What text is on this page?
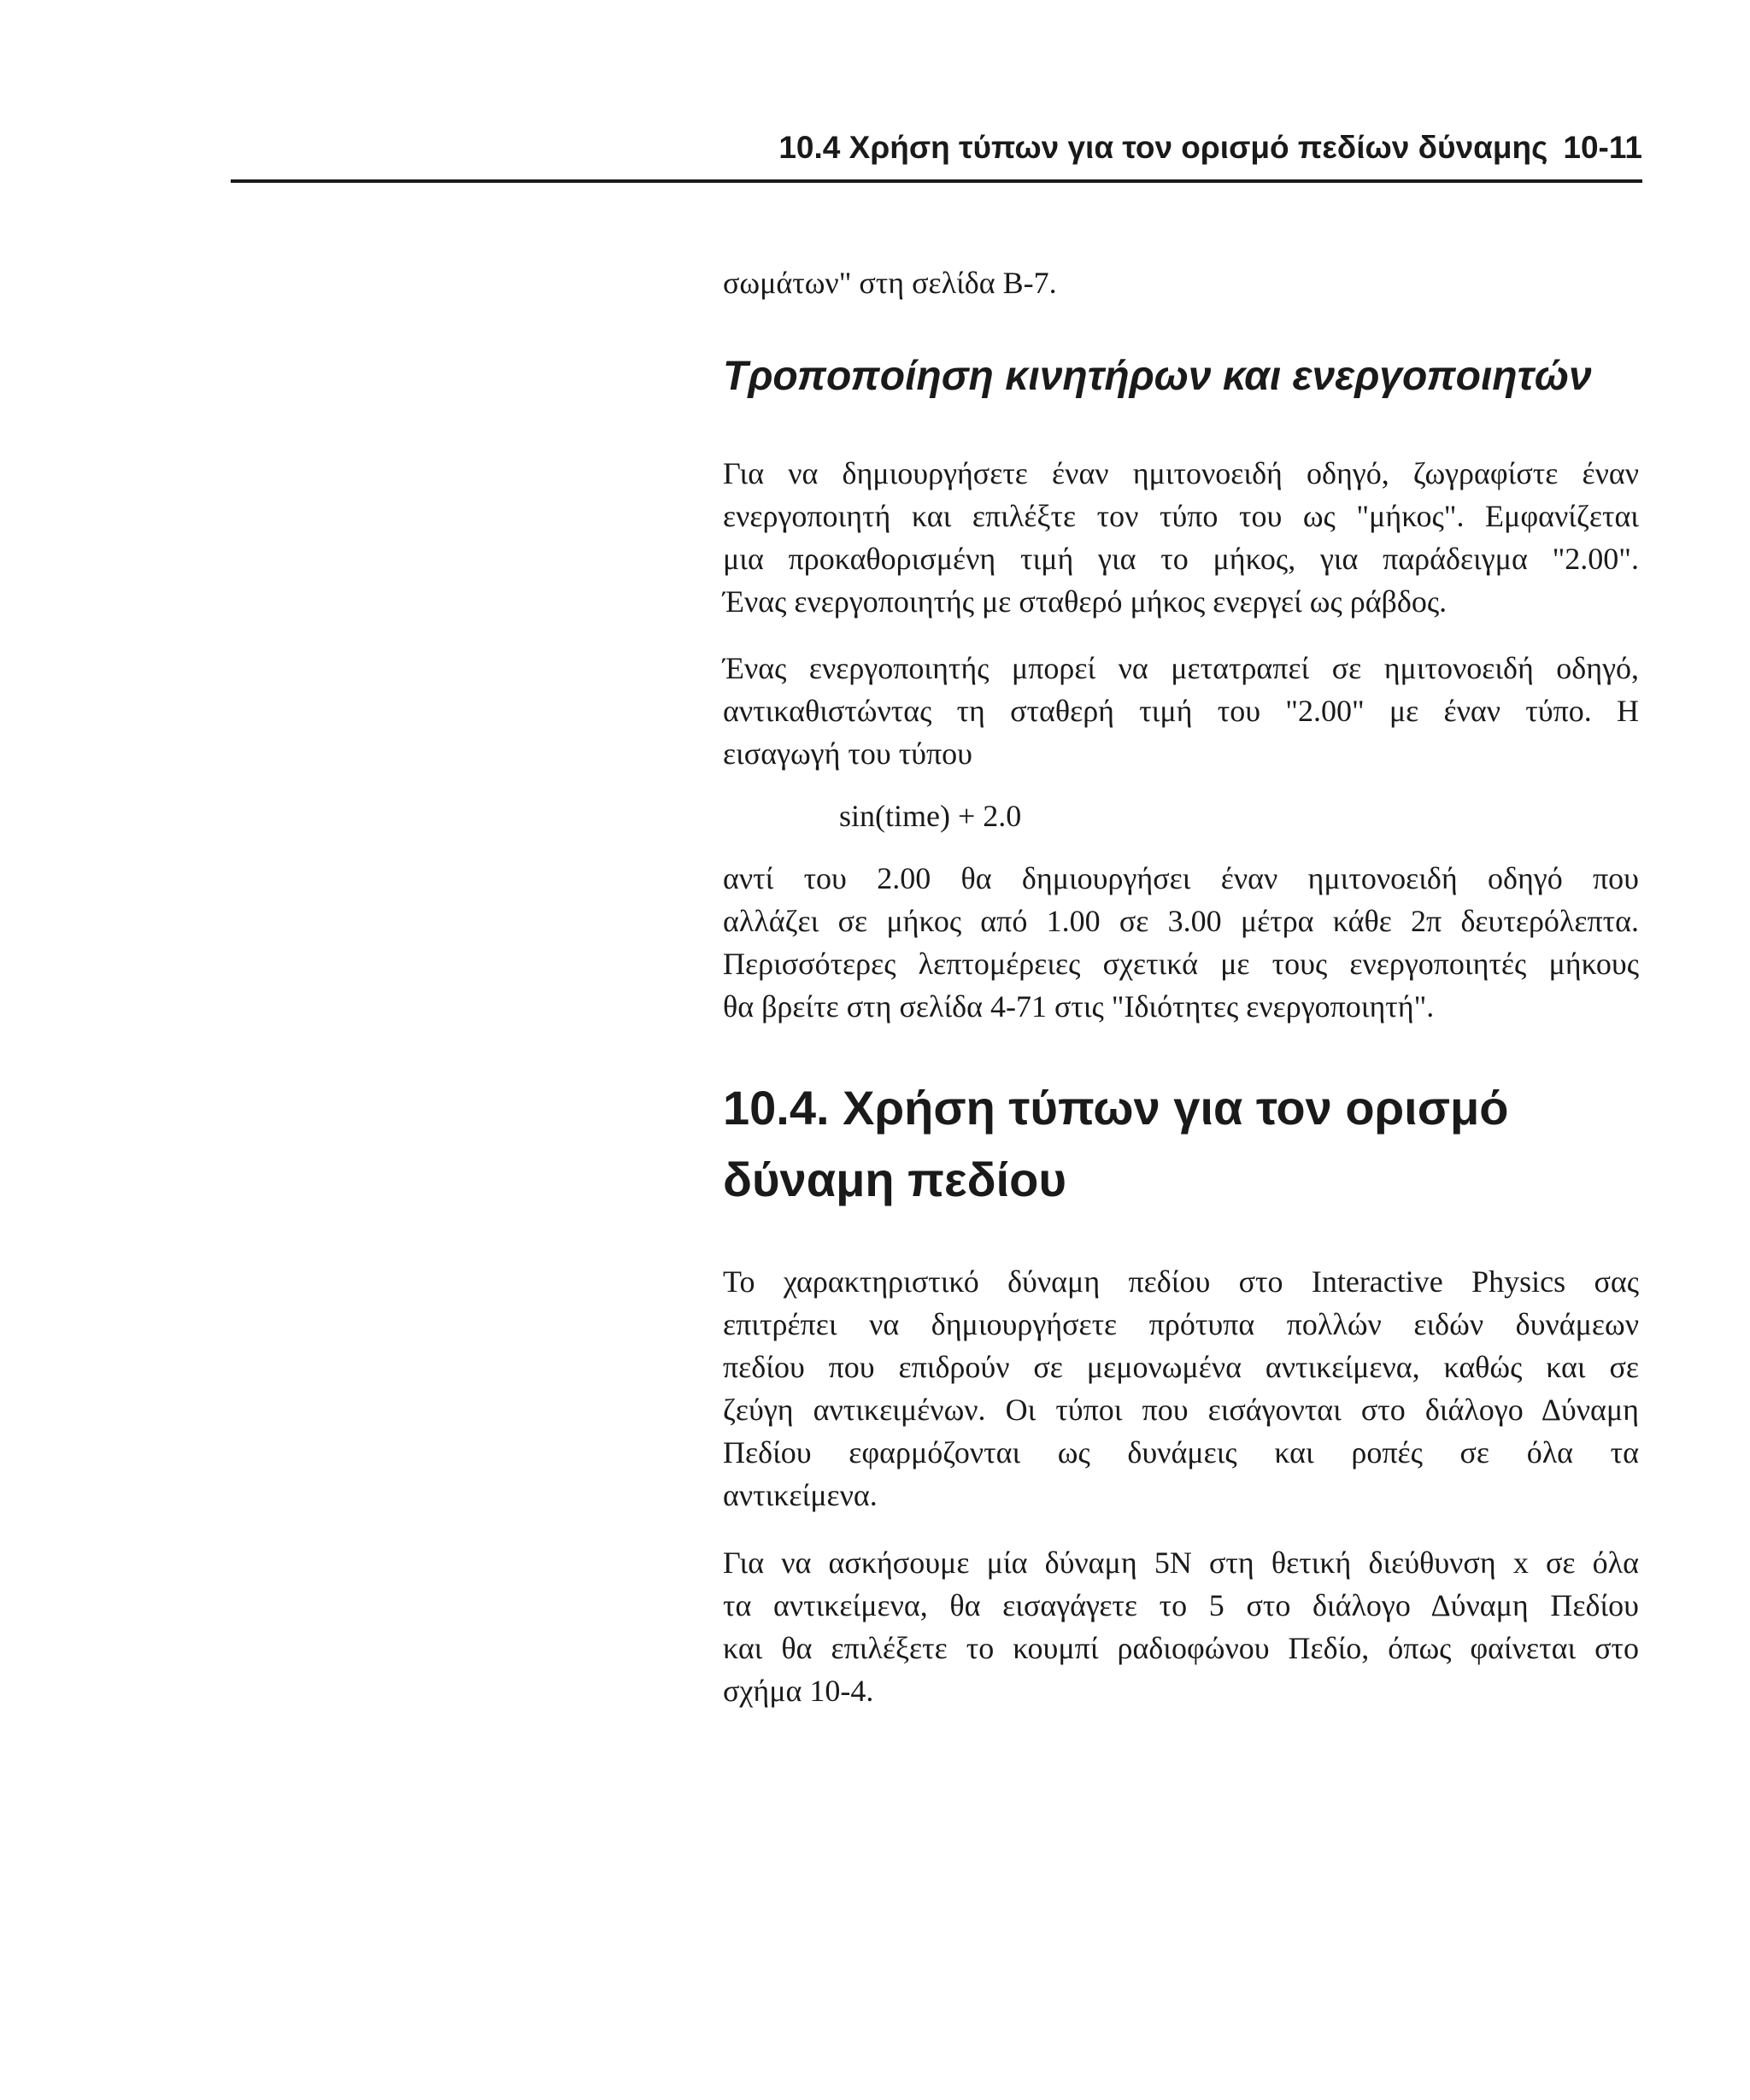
10.4 Χρήση τύπων για τον ορισμό πεδίων δύναμης 10-11

σωμάτων" στη σελίδα Β-7.

Τροποποίηση κινητήρων και ενεργοποιητών

Για να δημιουργήσετε έναν ημιτονοειδή οδηγό, ζωγραφίστε έναν
ενεργοποιητή και επιλέξτε τον τύπο του ως "μήκος". Εμφανίζεται
μια προκαθορισμένη τιμή για το μήκος, για παράδειγμα "2.00".
Ένας ενεργοποιητής με σταθερό μήκος ενεργεί ως ράβδος.

Ένας ενεργοποιητής μπορεί να μετατραπεί σε ημιτονοειδή οδηγό,
αντικαθιστώντας τη σταθερή τιμή του "2.00" με έναν τύπο. Η
εισαγωγή του τύπου

sin(time) + 2.0

αντί του 2.00 θα δημιουργήσει έναν ημιτονοειδή οδηγό που
αλλάζει σε μήκος από 1.00 σε 3.00 μέτρα κάθε 2π δευτερόλεπτα.
Περισσότερες λεπτομέρειες σχετικά με τους ενεργοποιητές μήκους
θα βρείτε στη σελίδα 4-71 στις "Ιδιότητες ενεργοποιητή".

10.4. Χρήση τύπων για τον ορισμό
δύναμη πεδίου

Το χαρακτηριστικό δύναμη πεδίου στο Interactive Physics σας
επιτρέπει να δημιουργήσετε πρότυπα πολλών ειδών δυνάμεων
πεδίου που επιδρούν σε μεμονωμένα αντικείμενα, καθώς και σε
ζεύγη αντικειμένων. Οι τύποι που εισάγονται στο διάλογο Δύναμη
Πεδίου εφαρμόζονται ως δυνάμεις και ροπές σε όλα τα
αντικείμενα.

Για να ασκήσουμε μία δύναμη 5N στη θετική διεύθυνση x σε όλα
τα αντικείμενα, θα εισαγάγετε το 5 στο διάλογο Δύναμη Πεδίου
και θα επιλέξετε το κουμπί ραδιοφώνου Πεδίο, όπως φαίνεται στο
σχήμα 10-4.
